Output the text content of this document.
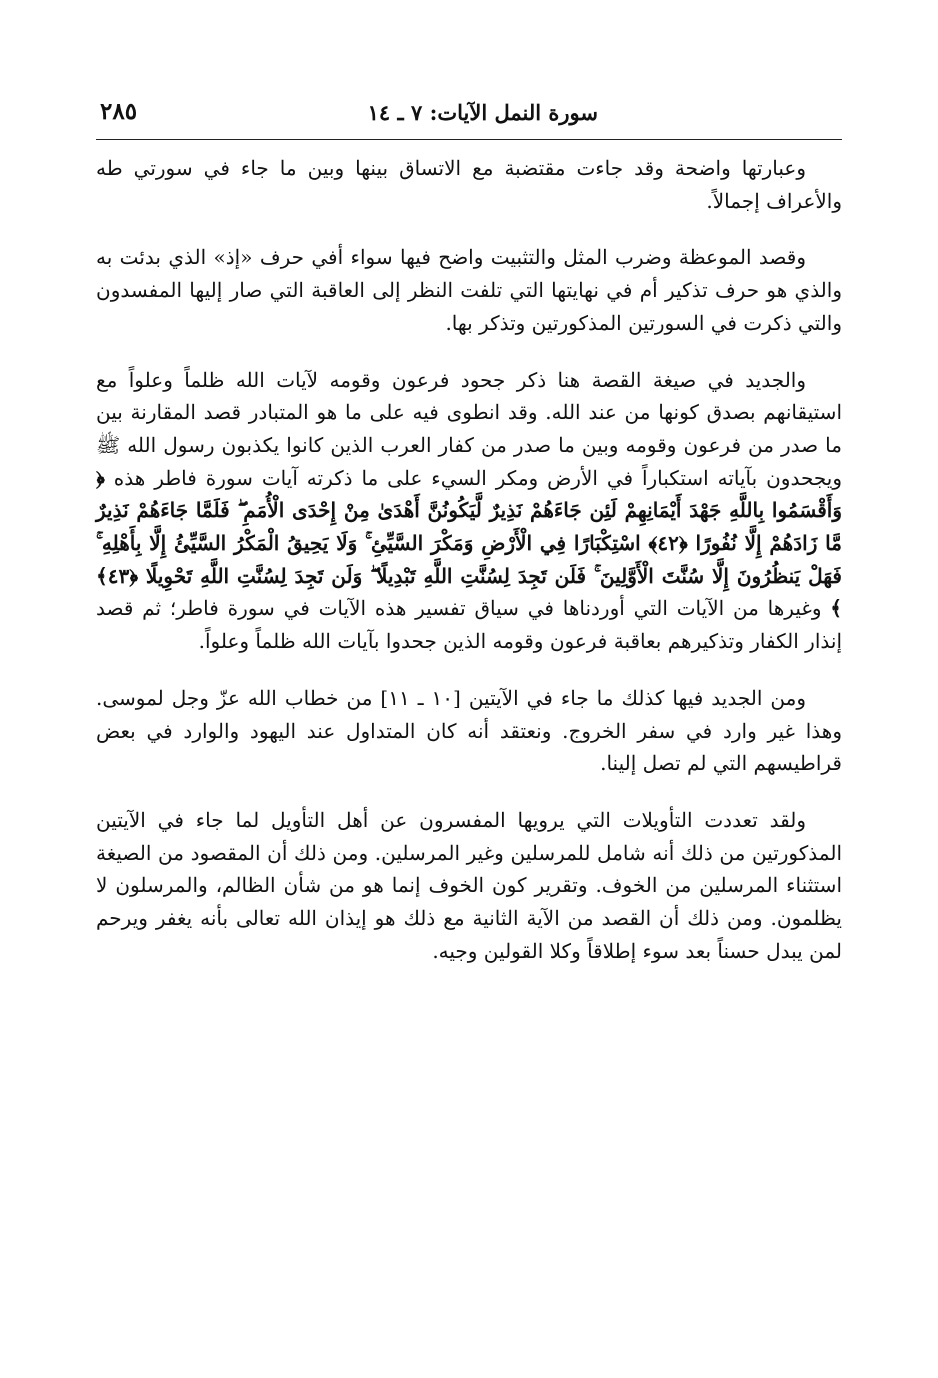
سورة النمل الآيات: ٧ ـ ١٤
٢٨٥

وعبارتها واضحة وقد جاءت مقتضبة مع الاتساق بينها وبين ما جاء في سورتي طه والأعراف إجمالاً.

وقصد الموعظة وضرب المثل والتثبيت واضح فيها سواء أفي حرف «إذ» الذي بدئت به والذي هو حرف تذكير أم في نهايتها التي تلفت النظر إلى العاقبة التي صار إليها المفسدون والتي ذكرت في السورتين المذكورتين وتذكر بها.

والجديد في صيغة القصة هنا ذكر جحود فرعون وقومه لآيات الله ظلماً وعلواً مع استيقانهم بصدق كونها من عند الله. وقد انطوى فيه على ما هو المتبادر قصد المقارنة بين ما صدر من فرعون وقومه وبين ما صدر من كفار العرب الذين كانوا يكذبون رسول الله ﷺ ويجحدون بآياته استكباراً في الأرض ومكر السيء على ما ذكرته آيات سورة فاطر هذه ﴿ وَأَقْسَمُوا بِاللَّهِ جَهْدَ أَيْمَانِهِمْ لَئِن جَاءَهُمْ نَذِيرٌ لَّيَكُونُنَّ أَهْدَىٰ مِنْ إِحْدَى الْأُمَمِ ۖ فَلَمَّا جَاءَهُمْ نَذِيرٌ مَّا زَادَهُمْ إِلَّا نُفُورًا ﴿٤٢﴾ اسْتِكْبَارًا فِي الْأَرْضِ وَمَكْرَ السَّيِّئِ ۚ وَلَا يَحِيقُ الْمَكْرُ السَّيِّئُ إِلَّا بِأَهْلِهِ ۚ فَهَلْ يَنظُرُونَ إِلَّا سُنَّتَ الْأَوَّلِينَ ۚ فَلَن تَجِدَ لِسُنَّتِ اللَّهِ تَبْدِيلًا ۖ وَلَن تَجِدَ لِسُنَّتِ اللَّهِ تَحْوِيلًا ﴿٤٣﴾ ﴾ وغيرها من الآيات التي أوردناها في سياق تفسير هذه الآيات في سورة فاطر؛ ثم قصد إنذار الكفار وتذكيرهم بعاقبة فرعون وقومه الذين جحدوا بآيات الله ظلماً وعلواً.

ومن الجديد فيها كذلك ما جاء في الآيتين [١٠ ـ ١١] من خطاب الله عزّ وجل لموسى. وهذا غير وارد في سفر الخروج. ونعتقد أنه كان المتداول عند اليهود والوارد في بعض قراطيسهم التي لم تصل إلينا.

ولقد تعددت التأويلات التي يرويها المفسرون عن أهل التأويل لما جاء في الآيتين المذكورتين من ذلك أنه شامل للمرسلين وغير المرسلين. ومن ذلك أن المقصود من الصيغة استثناء المرسلين من الخوف. وتقرير كون الخوف إنما هو من شأن الظالم، والمرسلون لا يظلمون. ومن ذلك أن القصد من الآية الثانية مع ذلك هو إيذان الله تعالى بأنه يغفر ويرحم لمن يبدل حسناً بعد سوء إطلاقاً وكلا القولين وجيه.
